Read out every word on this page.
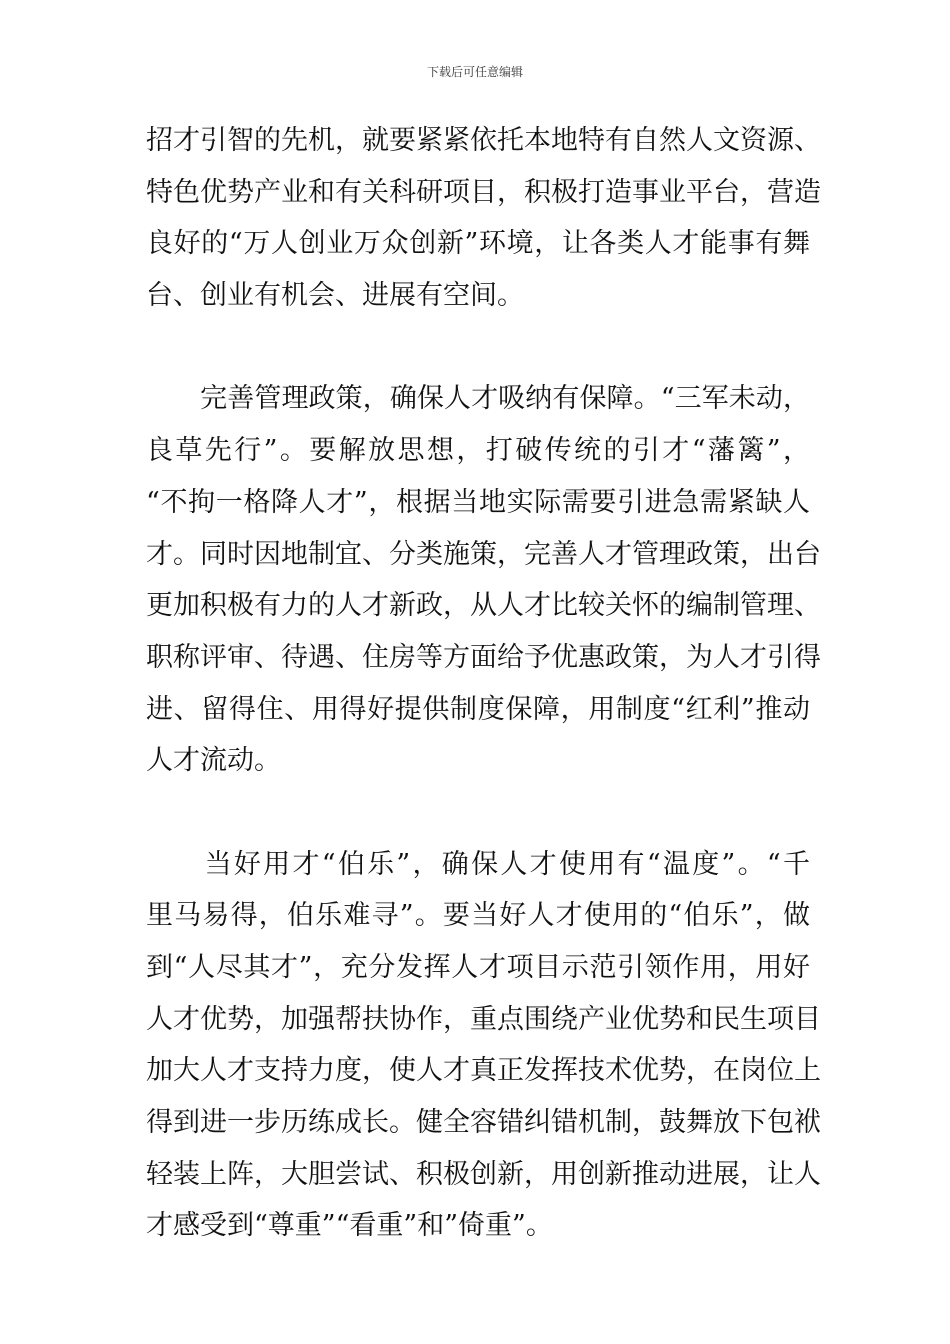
下载后可任意编辑
招才引智的先机，就要紧紧依托本地特有自然人文资源、
特色优势产业和有关科研项目，积极打造事业平台，营造
良好的“万人创业万众创新”环境，让各类人才能事有舞
台、创业有机会、进展有空间。
　　完善管理政策，确保人才吸纳有保障。“三军未动，
良草先行”。要解放思想，打破传统的引才“藩篱”，
“不拘一格降人才”，根据当地实际需要引进急需紧缺人
才。同时因地制宜、分类施策，完善人才管理政策，出台
更加积极有力的人才新政，从人才比较关怀的编制管理、
职称评审、待遇、住房等方面给予优惠政策，为人才引得
进、留得住、用得好提供制度保障，用制度“红利”推动
人才流动。
　　当好用才“伯乐”，确保人才使用有“温度”。“千
里马易得，伯乐难寻”。要当好人才使用的“伯乐”，做
到“人尽其才”，充分发挥人才项目示范引领作用，用好
人才优势，加强帮扶协作，重点围绕产业优势和民生项目
加大人才支持力度，使人才真正发挥技术优势，在岗位上
得到进一步历练成长。健全容错纠错机制，鼓舞放下包袱
轻装上阵，大胆尝试、积极创新，用创新推动进展，让人
才感受到“尊重”“看重”和”倚重”。
